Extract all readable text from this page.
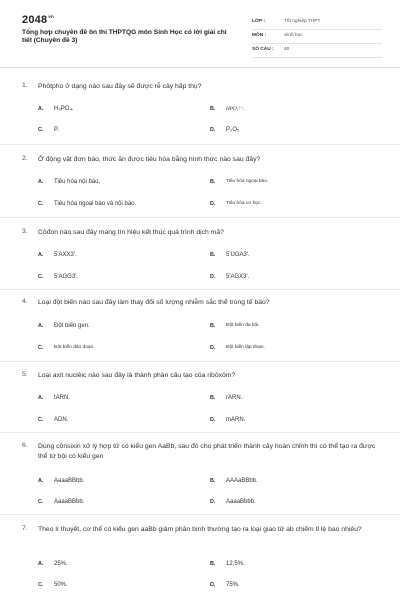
$2048^{vn}$
Tổng hợp chuyên đề ôn thi THPTQG môn Sinh Học có lời giải chi tiết (Chuyên đề 3)
LỚP :	Tốt nghiệp THPT
MÔN :	Sinh học
SỐ CÂU : 40
1. Phôtpho ở dạng nào sau đây sẽ được rễ cây hấp thụ?
A. H₃PO₄.	B. HPO₄²⁻.
C. P.	D. P₂O₅
2. Ở động vật đơn bào, thức ăn được tiêu hóa bằng hình thức nào sau đây?
A. Tiêu hóa nội bào.	B. Tiêu hóa ngoại bào.
C. Tiêu hóa ngoại bào và nội bào.	D. Tiêu hóa cơ học.
3. Côđon nào sau đây mang tín hiệu kết thúc quá trình dịch mã?
A. 5'AXX3'.	B. 5'UGA3'.
C. 5'AGG3'.	D. 5'AGX3'.
4. Loại đột biến nào sau đây làm thay đổi số lượng nhiễm sắc thể trong tế bào?
A. Đột biến gen.	B. Đột biến đa bội.
C. Đột biến đảo đoạn.	D. Đột biến lặp đoạn.
5. Loại axit nuclêic nào sau đây là thành phần cấu tạo của ribôxôm?
A. tARN.	B. rARN.
C. ADN.	D. mARN.
6. Dùng cônsixin xử lý hợp tử có kiểu gen AaBb, sau đó cho phát triển thành cây hoàn chỉnh thì có thể tạo ra được thể tứ bội có kiểu gen
A. AaaaBBbb.	B. AAAaBBbb.
C. AaaaBBbb.	D. AaaaBbbb.
7. Theo lí thuyết, cơ thể có kiểu gen aaBb giảm phân bình thường tạo ra loại giao tử ab chiếm tỉ lệ bao nhiêu?
A. 25%.	B. 12,5%.
C. 50%.	D. 75%.
